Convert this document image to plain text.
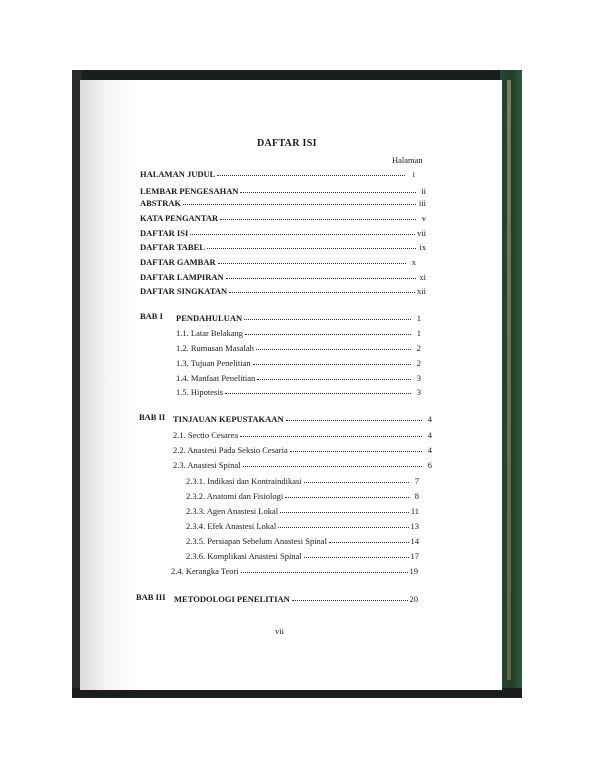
DAFTAR ISI
Halaman
HALAMAN JUDUL	i
LEMBAR PENGESAHAN	ii
ABSTRAK	iii
KATA PENGANTAR	v
DAFTAR ISI	vii
DAFTAR TABEL	ix
DAFTAR GAMBAR	x
DAFTAR LAMPIRAN	xi
DAFTAR SINGKATAN	xii
BAB I PENDAHULUAN	1
1.1. Latar Belakang	1
1.2. Rumusan Masalah	2
1.3. Tujuan Penelitian	2
1.4. Manfaat Penelitian	3
1.5. Hipotesis	3
BAB II TINJAUAN KEPUSTAKAAN	4
2.1. Sectio Cesarea	4
2.2. Anastesi Pada Seksio Cesaria	4
2.3. Anastesi Spinal	6
2.3.1. Indikasi dan Kontraindikasi	7
2.3.2. Anatomi dan Fisiologi	8
2.3.3. Agen Anastesi Lokal	11
2.3.4. Efek Anastesi Lokal	13
2.3.5. Persiapan Sebelum Anastesi Spinal	14
2.3.6. Komplikasi Anastesi Spinal	17
2.4. Kerangka Teori	19
BAB III METODOLOGI PENELITIAN	20
vii
